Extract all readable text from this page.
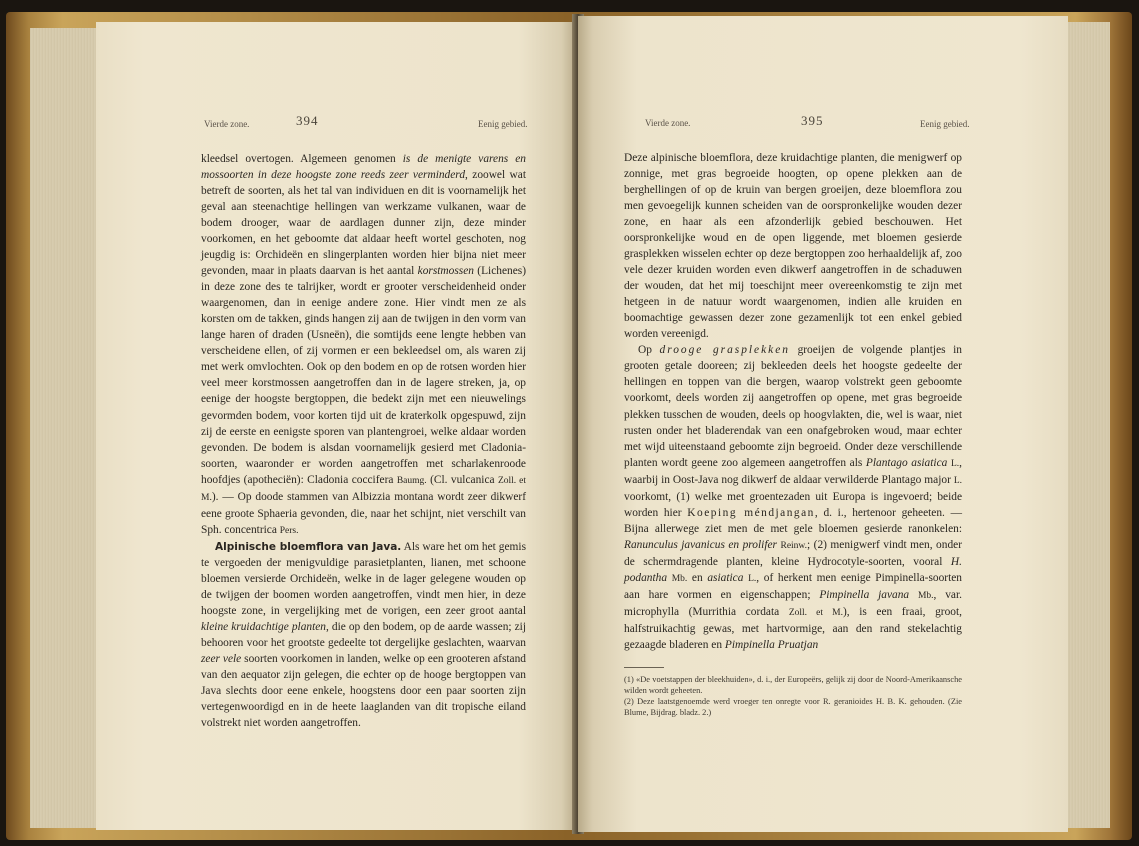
Vierde zone.	394	Eenig gebied.

kleedsel overtogen. Algemeen genomen is de menigte varens en mossoorten in deze hoogste zone reeds zeer verminderd, zoowel wat betreft de soorten, als het tal van individuen en dit is voornamelijk het geval aan steenachtige hellingen van werkzame vulkanen, waar de bodem drooger, waar de aardlagen dunner zijn, deze minder voorkomen, en het geboomte dat aldaar heeft wortel geschoten, nog jeugdig is: Orchideën en slingerplanten worden hier bijna niet meer gevonden, maar in plaats daarvan is het aantal korstmossen (Lichenes) in deze zone des te talrijker, wordt er grooter verscheidenheid onder waargenomen, dan in eenige andere zone. Hier vindt men ze als korsten om de takken, ginds hangen zij aan de twijgen in den vorm van lange haren of draden (Usneën), die somtijds eene lengte hebben van verscheidene ellen, of zij vormen er een bekleedsel om, als waren zij met werk omvlochten. Ook op den bodem en op de rotsen worden hier veel meer korstmossen aangetroffen dan in de lagere streken, ja, op eenige der hoogste bergtoppen, die bedekt zijn met een nieuwelings gevormden bodem, voor korten tijd uit de kraterkolk opgespuwd, zijn zij de eerste en eenigste sporen van plantengroei, welke aldaar worden gevonden. De bodem is alsdan voornamelijk gesierd met Cladonia-soorten, waaronder er worden aangetroffen met scharlakenroode hoofdjes (apotheciën): Cladonia coccifera Baumg. (Cl. vulcanica Zoll. et M.). — Op doode stammen van Albizzia montana wordt zeer dikwerf eene groote Sphaeria gevonden, die, naar het schijnt, niet verschilt van Sph. concentrica Pers.

Alpinische bloemflora van Java. Als ware het om het gemis te vergoeden der menigvuldige parasietplanten, lianen, met schoone bloemen versierde Orchideën, welke in de lager gelegene wouden op de twijgen der boomen worden aangetroffen, vindt men hier, in deze hoogste zone, in vergelijking met de vorigen, een zeer groot aantal kleine kruidachtige planten, die op den bodem, op de aarde wassen; zij behooren voor het grootste gedeelte tot dergelijke geslachten, waarvan zeer vele soorten voorkomen in landen, welke op een grooteren afstand van den aequator zijn gelegen, die echter op de hooge bergtoppen van Java slechts door eene enkele, hoogstens door een paar soorten zijn vertegenwoordigd en in de heete laaglanden van dit tropische eiland volstrekt niet worden aangetroffen.

Vierde zone.	395	Eenig gebied.

Deze alpinische bloemflora, deze kruidachtige planten, die menigwerf op zonnige, met gras begroeide hoogten, op opene plekken aan de berghellingen of op de kruin van bergen groeijen, deze bloemflora zou men gevoegelijk kunnen scheiden van de oorspronkelijke wouden dezer zone, en haar als een afzonderlijk gebied beschouwen. Het oorspronkelijke woud en de open liggende, met bloemen gesierde grasplekken wisselen echter op deze bergtoppen zoo herhaaldelijk af, zoo vele dezer kruiden worden even dikwerf aangetroffen in de schaduwen der wouden, dat het mij toeschijnt meer overeenkomstig te zijn met hetgeen in de natuur wordt waargenomen, indien alle kruiden en boomachtige gewassen dezer zone gezamenlijk tot een enkel gebied worden vereenigd.

Op drooge grasplekken groeijen de volgende plantjes in grooten getale dooreen; zij bekleeden deels het hoogste gedeelte der hellingen en toppen van die bergen, waarop volstrekt geen geboomte voorkomt, deels worden zij aangetroffen op opene, met gras begroeide plekken tusschen de wouden, deels op hoogvlakten, die, wel is waar, niet rusten onder het bladerendak van een onafgebroken woud, maar echter met wijd uiteenstaand geboomte zijn begroeid. Onder deze verschillende planten wordt geene zoo algemeen aangetroffen als Plantago asiatica L., waarbij in Oost-Java nog dikwerf de aldaar verwilderde Plantago major L. voorkomt, (1) welke met groentezaden uit Europa is ingevoerd; beide worden hier Koeping méndjangan, d. i., hertenoor geheeten. — Bijna allerwege ziet men de met gele bloemen gesierde ranonkelen: Ranunculus javanicus en prolifer Reinw.; (2) menigwerf vindt men, onder de schermdragende planten, kleine Hydrocotyle-soorten, vooral H. podantha Mb. en asiatica L., of herkent men eenige Pimpinella-soorten aan hare vormen en eigenschappen; Pimpinella javana Mb., var. microphylla (Murrithia cordata Zoll. et M.), is een fraai, groot, halfstruikachtig gewas, met hartvormige, aan den rand stekelachtig gezaagde bladeren en Pimpinella Pruatjan

(1) «De voetstappen der bleekhuiden», d. i., der Europeërs, gelijk zij door de Noord-Amerikaansche wilden wordt geheeten.

(2) Deze laatstgenoemde werd vroeger ten onregte voor R. geranioides H. B. K. gehouden. (Zie Blume, Bijdrag. bladz. 2.)
